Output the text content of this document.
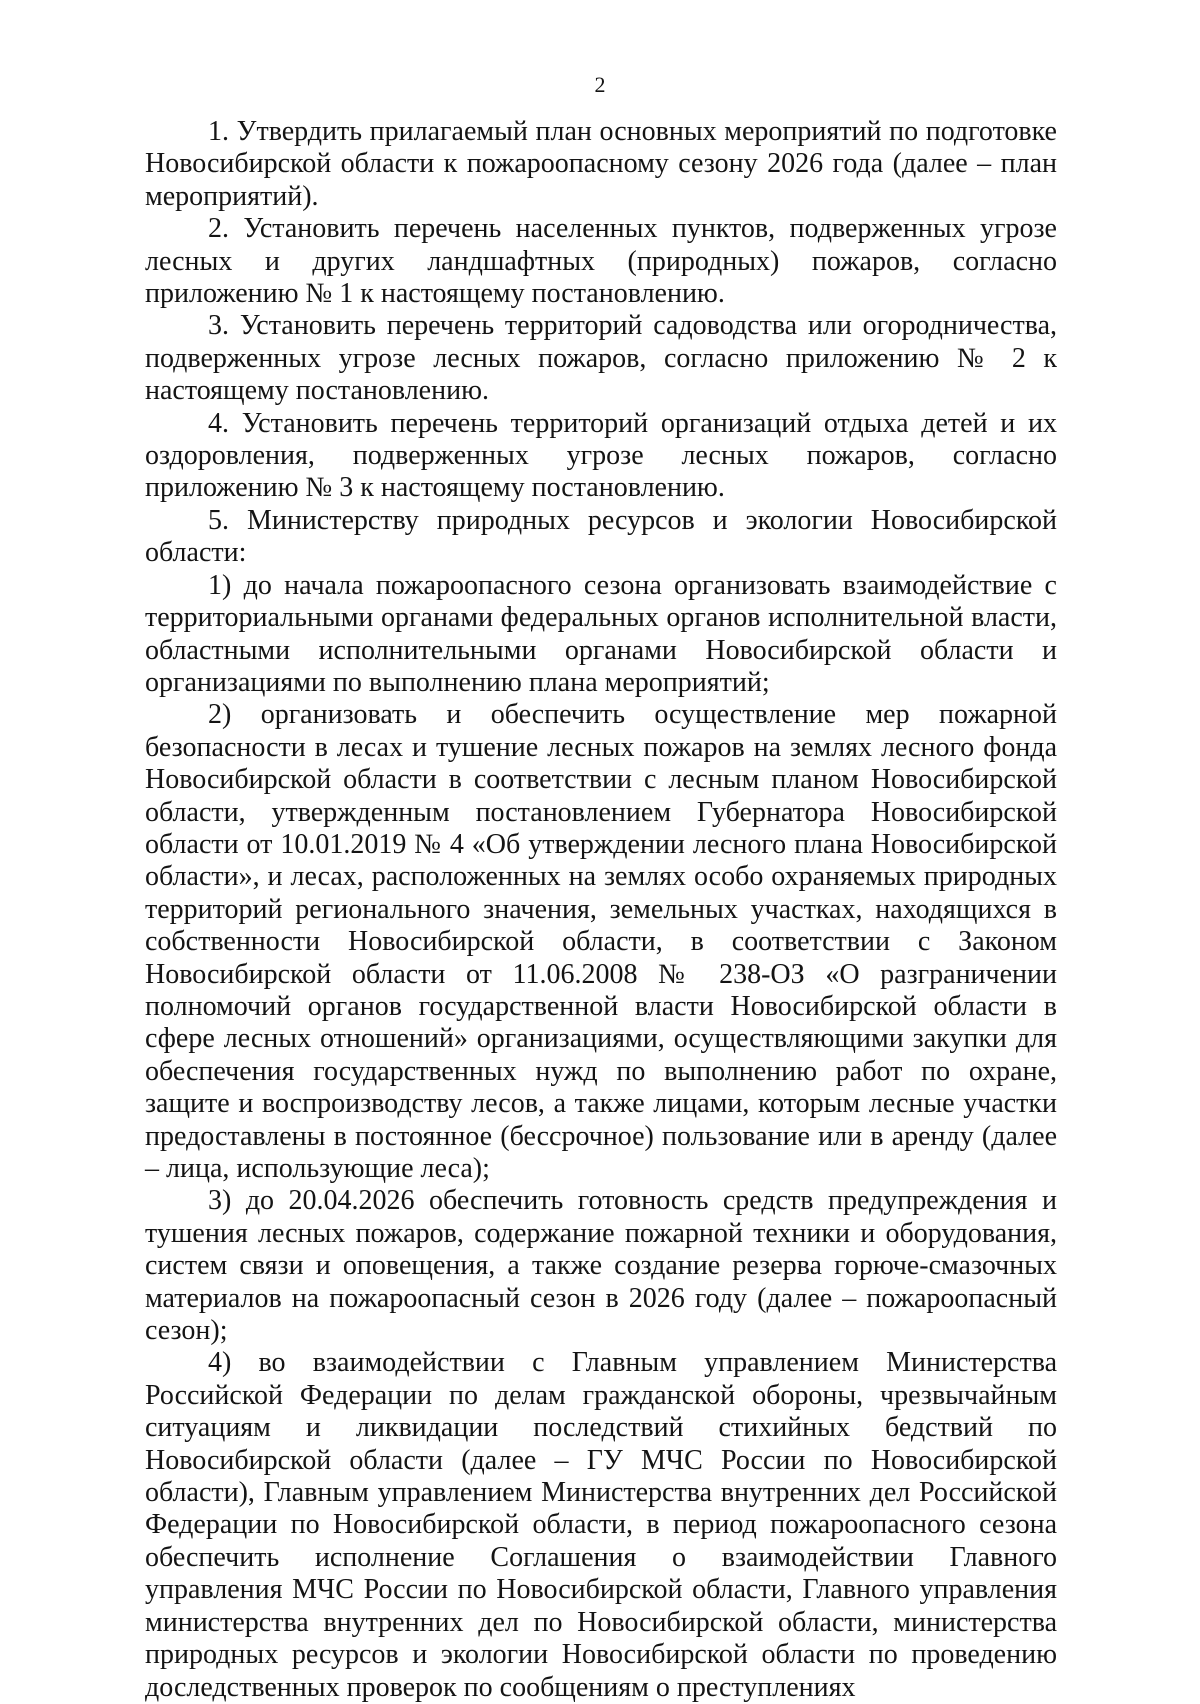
2

1. Утвердить прилагаемый план основных мероприятий по подготовке Новосибирской области к пожароопасному сезону 2026 года (далее – план мероприятий).

2. Установить перечень населенных пунктов, подверженных угрозе лесных и других ландшафтных (природных) пожаров, согласно приложению № 1 к настоящему постановлению.

3. Установить перечень территорий садоводства или огородничества, подверженных угрозе лесных пожаров, согласно приложению № 2 к настоящему постановлению.

4. Установить перечень территорий организаций отдыха детей и их оздоровления, подверженных угрозе лесных пожаров, согласно приложению № 3 к настоящему постановлению.

5. Министерству природных ресурсов и экологии Новосибирской области:

1) до начала пожароопасного сезона организовать взаимодействие с территориальными органами федеральных органов исполнительной власти, областными исполнительными органами Новосибирской области и организациями по выполнению плана мероприятий;

2) организовать и обеспечить осуществление мер пожарной безопасности в лесах и тушение лесных пожаров на землях лесного фонда Новосибирской области в соответствии с лесным планом Новосибирской области, утвержденным постановлением Губернатора Новосибирской области от 10.01.2019 № 4 «Об утверждении лесного плана Новосибирской области», и лесах, расположенных на землях особо охраняемых природных территорий регионального значения, земельных участках, находящихся в собственности Новосибирской области, в соответствии с Законом Новосибирской области от 11.06.2008 № 238-ОЗ «О разграничении полномочий органов государственной власти Новосибирской области в сфере лесных отношений» организациями, осуществляющими закупки для обеспечения государственных нужд по выполнению работ по охране, защите и воспроизводству лесов, а также лицами, которым лесные участки предоставлены в постоянное (бессрочное) пользование или в аренду (далее – лица, использующие леса);

3) до 20.04.2026 обеспечить готовность средств предупреждения и тушения лесных пожаров, содержание пожарной техники и оборудования, систем связи и оповещения, а также создание резерва горюче-смазочных материалов на пожароопасный сезон в 2026 году (далее – пожароопасный сезон);

4) во взаимодействии с Главным управлением Министерства Российской Федерации по делам гражданской обороны, чрезвычайным ситуациям и ликвидации последствий стихийных бедствий по Новосибирской области (далее – ГУ МЧС России по Новосибирской области), Главным управлением Министерства внутренних дел Российской Федерации по Новосибирской области, в период пожароопасного сезона обеспечить исполнение Соглашения о взаимодействии Главного управления МЧС России по Новосибирской области, Главного управления министерства внутренних дел по Новосибирской области, министерства природных ресурсов и экологии Новосибирской области по проведению доследственных проверок по сообщениям о преступлениях
